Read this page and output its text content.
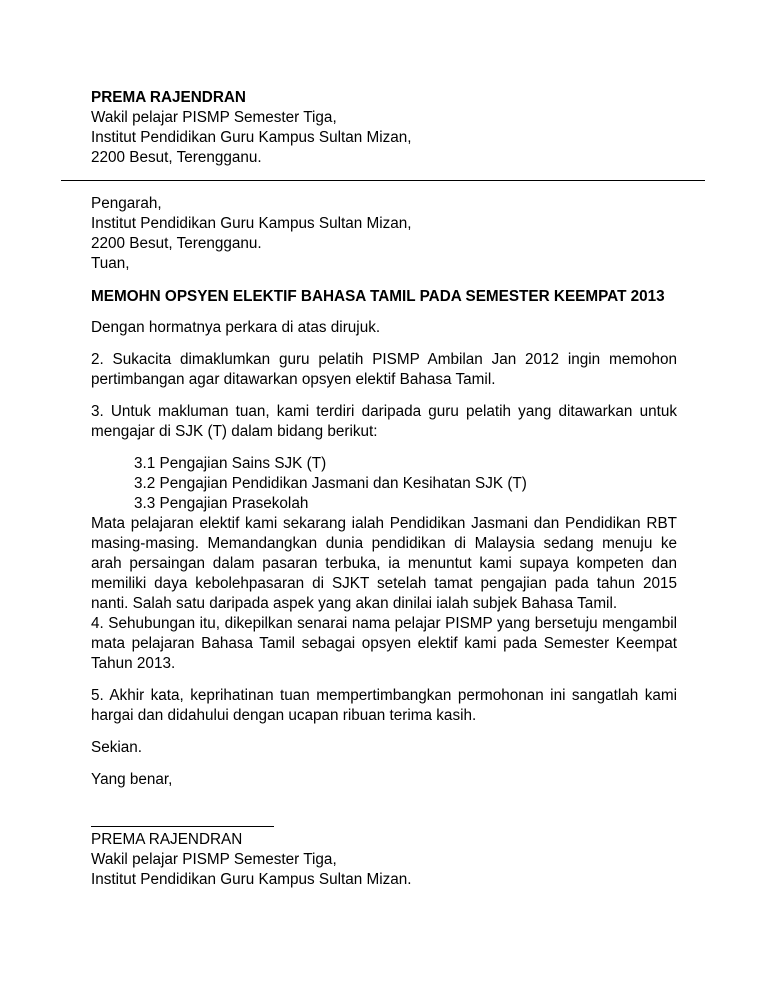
PREMA RAJENDRAN
Wakil pelajar PISMP Semester Tiga,
Institut Pendidikan Guru Kampus Sultan Mizan,
2200 Besut, Terengganu.
Pengarah,
Institut Pendidikan Guru Kampus Sultan Mizan,
2200 Besut, Terengganu.
Tuan,
MEMOHN OPSYEN ELEKTIF BAHASA TAMIL PADA SEMESTER KEEMPAT 2013
Dengan hormatnya perkara di atas dirujuk.
2. Sukacita dimaklumkan guru pelatih PISMP Ambilan Jan 2012 ingin memohon pertimbangan agar ditawarkan opsyen elektif Bahasa Tamil.
3. Untuk makluman tuan, kami terdiri daripada guru pelatih yang ditawarkan untuk mengajar di SJK (T) dalam bidang berikut:
3.1 Pengajian Sains SJK (T)
3.2 Pengajian Pendidikan Jasmani dan Kesihatan SJK (T)
3.3 Pengajian Prasekolah
Mata pelajaran elektif kami sekarang ialah Pendidikan Jasmani dan Pendidikan RBT masing-masing. Memandangkan dunia pendidikan di Malaysia sedang menuju ke arah persaingan dalam pasaran terbuka, ia menuntut kami supaya kompeten dan memiliki daya kebolehpasaran di SJKT setelah tamat pengajian pada tahun 2015 nanti. Salah satu daripada aspek yang akan dinilai ialah subjek Bahasa Tamil.
4. Sehubungan itu, dikepilkan senarai nama pelajar PISMP yang bersetuju mengambil mata pelajaran Bahasa Tamil sebagai opsyen elektif kami pada Semester Keempat Tahun 2013.
5. Akhir kata, keprihatinan tuan mempertimbangkan permohonan ini sangatlah kami hargai dan didahului dengan ucapan ribuan terima kasih.
Sekian.
Yang benar,
PREMA RAJENDRAN
Wakil pelajar PISMP Semester Tiga,
Institut Pendidikan Guru Kampus Sultan Mizan.
